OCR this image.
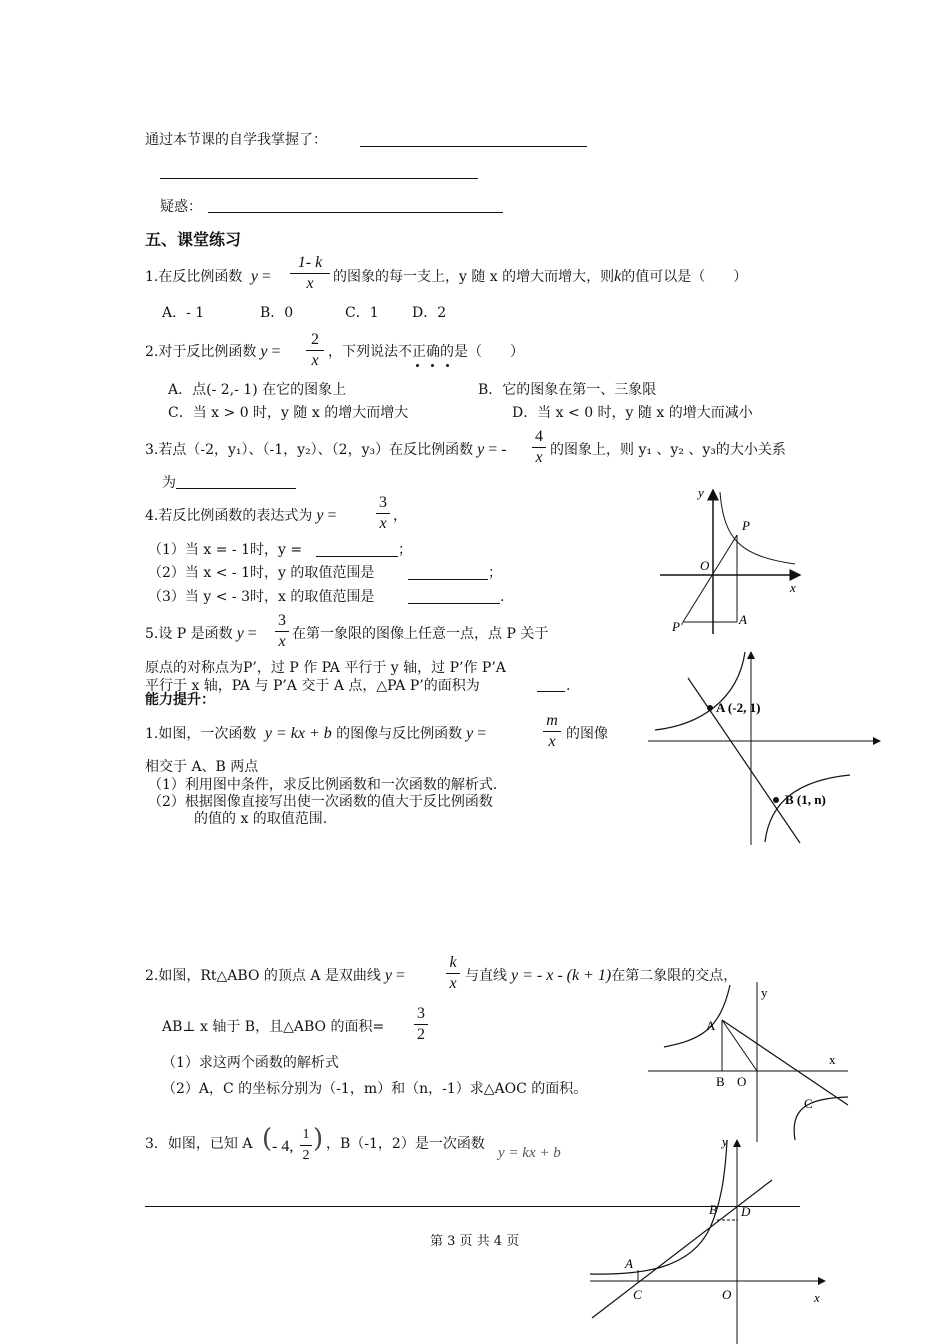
通过本节课的自学我掌握了：
疑惑：
五、课堂练习
1.在反比例函数 y =
1- k
x	的图象的每一支上，y 随 x 的增大而增大，则k的值可以是（　　）
A．- 1	B．0	C．1 D．2
2.对于反比例函数 y =
2
x ，下列说法不正确的是（　　）
A．点(- 2,- 1) 在它的图象上	B．它的图象在第一、三象限
C．当 x > 0 时，y 随 x 的增大而增大	D．当 x < 0 时，y 随 x 的增大而减小
3.若点（-2，y₁）、（-1，y₂）、（2，y₃）在反比例函数 y = -
4
x 的图象上，则 y₁ 、y₂ 、y₃的大小关系
为
4.若反比例函数的表达式为 y =
3
x ，
（1）当 x = - 1时，y =	；
（2）当 x < - 1时，y 的取值范围是	；
（3）当 y < - 3时，x 的取值范围是	.
5.设 P 是函数 y =
3
x 在第一象限的图像上任意一点，点 P 关于
原点的对称点为P’，过 P 作 PA 平行于 y 轴，过 P’作 P’A
平行于 x 轴，PA 与 P’A 交于 A 点，△PA P’的面积为	.
能力提升：
1.如图，一次函数 y = kx + b 的图像与反比例函数 y =
m
x 的图像
相交于 A、B 两点
（1）利用图中条件，求反比例函数和一次函数的解析式.
（2）根据图像直接写出使一次函数的值大于反比例函数
的值的 x 的取值范围.
2.如图，Rt△ABO 的顶点 A 是双曲线 y =
k
x 与直线 y = - x - (k + 1)在第二象限的交点，
AB⊥ x 轴于 B，且△ABO 的面积=
3
2
（1）求这两个函数的解析式
（2）A，C 的坐标分别为（-1，m）和（n，-1）求△AOC 的面积。
3．如图，已知 A ( - 4,
1
2
) ，B（-1，2）是一次函数
y = kx + b
第 3 页 共 4 页
y
x
O
P
P'	A
A (-2, 1)
B (1, n)
y
x
A
B O
C
y
x
A
B D
C	O
